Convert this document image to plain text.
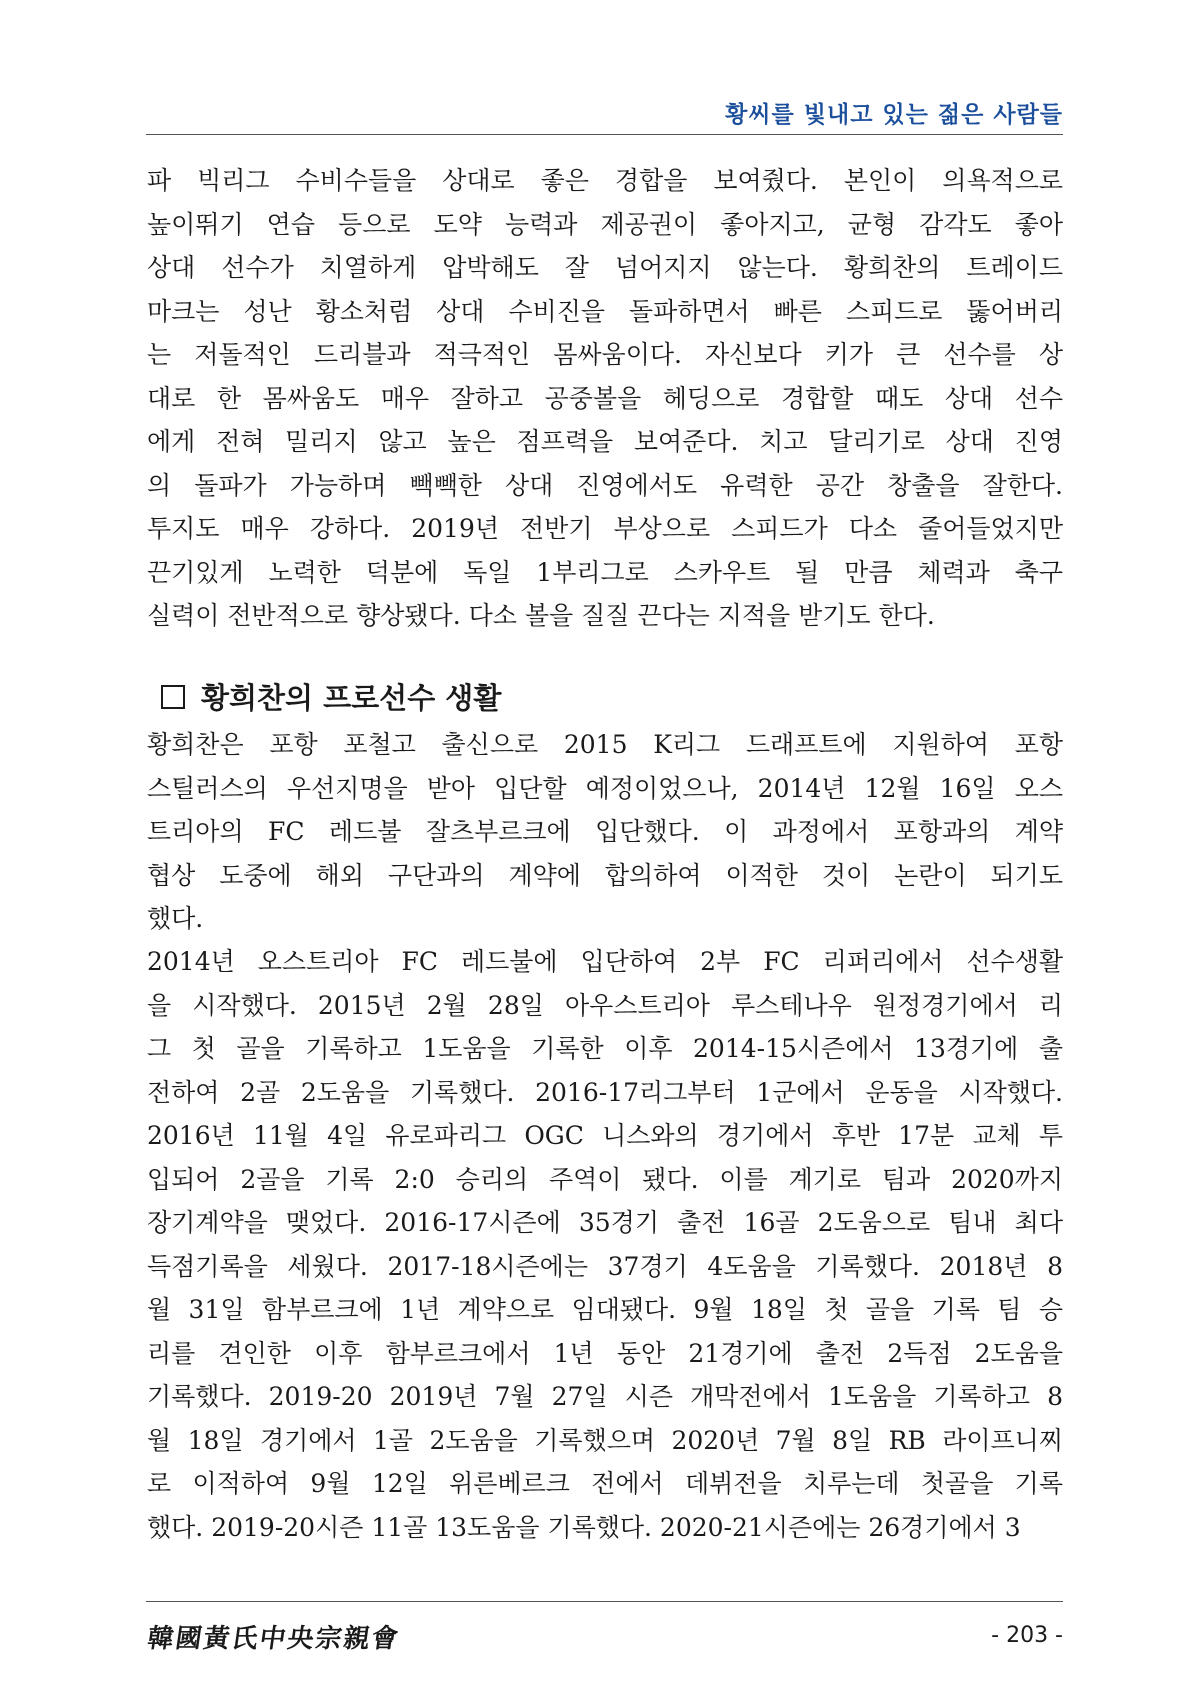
황씨를 빛내고 있는 젊은 사람들
파 빅리그 수비수들을 상대로 좋은 경합을 보여줬다. 본인이 의욕적으로
높이뛰기 연습 등으로 도약 능력과 제공권이 좋아지고, 균형 감각도 좋아
상대 선수가 치열하게 압박해도 잘 넘어지지 않는다. 황희찬의 트레이드
마크는 성난 황소처럼 상대 수비진을 돌파하면서 빠른 스피드로 뚫어버리
는 저돌적인 드리블과 적극적인 몸싸움이다. 자신보다 키가 큰 선수를 상
대로 한 몸싸움도 매우 잘하고 공중볼을 헤딩으로 경합할 때도 상대 선수
에게 전혀 밀리지 않고 높은 점프력을 보여준다. 치고 달리기로 상대 진영
의 돌파가 가능하며 빽빽한 상대 진영에서도 유력한 공간 창출을 잘한다.
투지도 매우 강하다. 2019년 전반기 부상으로 스피드가 다소 줄어들었지만
끈기있게 노력한 덕분에 독일 1부리그로 스카우트 될 만큼 체력과 축구
실력이 전반적으로 향상됐다. 다소 볼을 질질 끈다는 지적을 받기도 한다.
황희찬의 프로선수 생활
황희찬은 포항 포철고 출신으로 2015 K리그 드래프트에 지원하여 포항
스틸러스의 우선지명을 받아 입단할 예정이었으나, 2014년 12월 16일 오스
트리아의 FC 레드불 잘츠부르크에 입단했다. 이 과정에서 포항과의 계약
협상 도중에 해외 구단과의 계약에 합의하여 이적한 것이 논란이 되기도
했다.
2014년 오스트리아 FC 레드불에 입단하여 2부 FC 리퍼리에서 선수생활
을 시작했다. 2015년 2월 28일 아우스트리아 루스테나우 원정경기에서 리
그 첫 골을 기록하고 1도움을 기록한 이후 2014-15시즌에서 13경기에 출
전하여 2골 2도움을 기록했다. 2016-17리그부터 1군에서 운동을 시작했다.
2016년 11월 4일 유로파리그 OGC 니스와의 경기에서 후반 17분 교체 투
입되어 2골을 기록 2:0 승리의 주역이 됐다. 이를 계기로 팀과 2020까지
장기계약을 맺었다. 2016-17시즌에 35경기 출전 16골 2도움으로 팀내 최다
득점기록을 세웠다. 2017-18시즌에는 37경기 4도움을 기록했다. 2018년 8
월 31일 함부르크에 1년 계약으로 임대됐다. 9월 18일 첫 골을 기록 팀 승
리를 견인한 이후 함부르크에서 1년 동안 21경기에 출전 2득점 2도움을
기록했다. 2019-20 2019년 7월 27일 시즌 개막전에서 1도움을 기록하고 8
월 18일 경기에서 1골 2도움을 기록했으며 2020년 7월 8일 RB 라이프니찌
로 이적하여 9월 12일 위른베르크 전에서 데뷔전을 치루는데 첫골을 기록
했다. 2019-20시즌 11골 13도움을 기록했다. 2020-21시즌에는 26경기에서 3
韓國黃氏中央宗親會	- 203 -
